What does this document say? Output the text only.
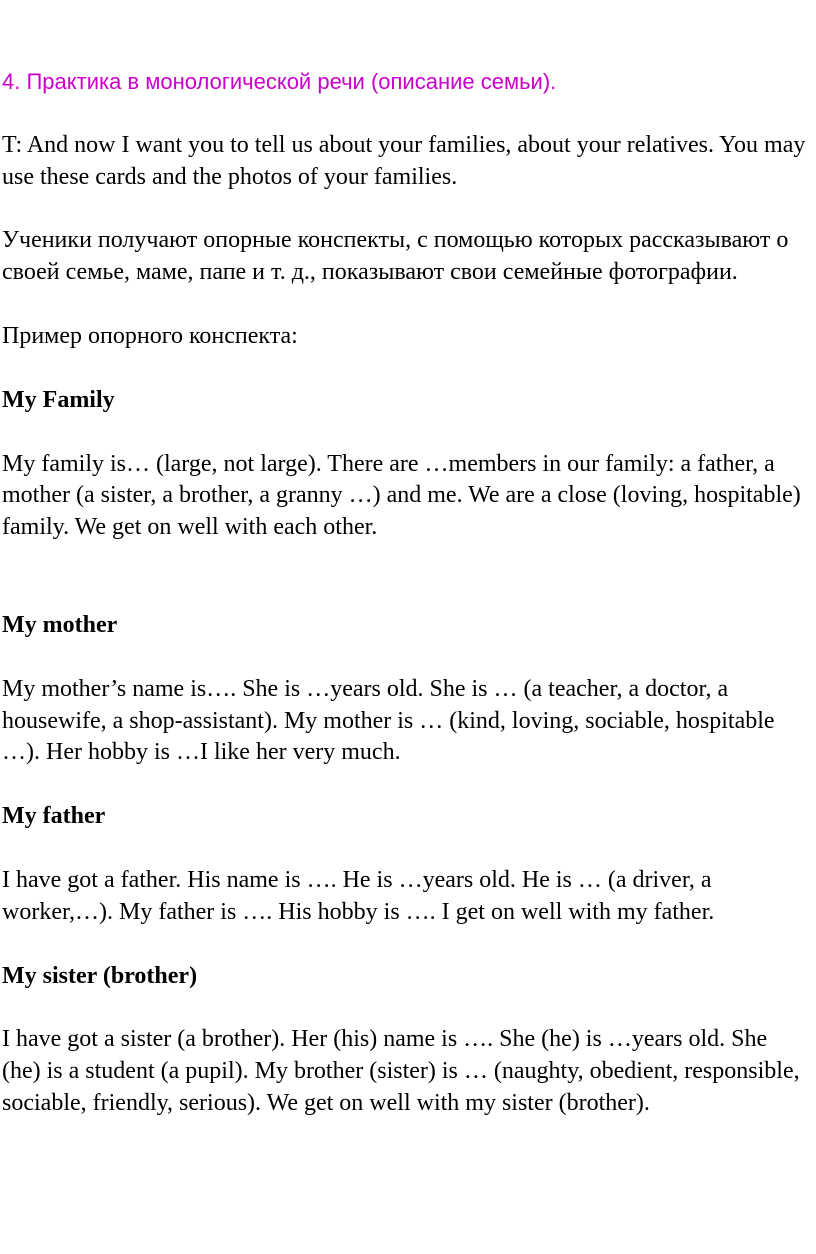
4. Практика в монологической речи (описание семьи).

T: And now I want you to tell us about your families, about your relatives. You may use these cards and the photos of your families.

Ученики получают опорные конспекты, с помощью которых рассказывают о своей семье, маме, папе и т. д., показывают свои семейные фотографии.

Пример опорного конспекта:

My Family

My family is… (large, not large). There are …members in our family: a father, a mother (a sister, a brother, a granny …) and me. We are a close (loving, hospitable) family. We get on well with each other.

My mother

My mother’s name is…. She is …years old. She is … (a teacher, a doctor, a housewife, a shop-assistant). My mother is … (kind, loving, sociable, hospitable …). Her hobby is …I like her very much.

My father

I have got a father. His name is …. He is …years old. He is … (a driver, a worker,…). My father is …. His hobby is …. I get on well with my father.

My sister (brother)

I have got a sister (a brother). Her (his) name is …. She (he) is …years old. She (he) is a student (a pupil). My brother (sister) is … (naughty, obedient, responsible, sociable, friendly, serious). We get on well with my sister (brother).
